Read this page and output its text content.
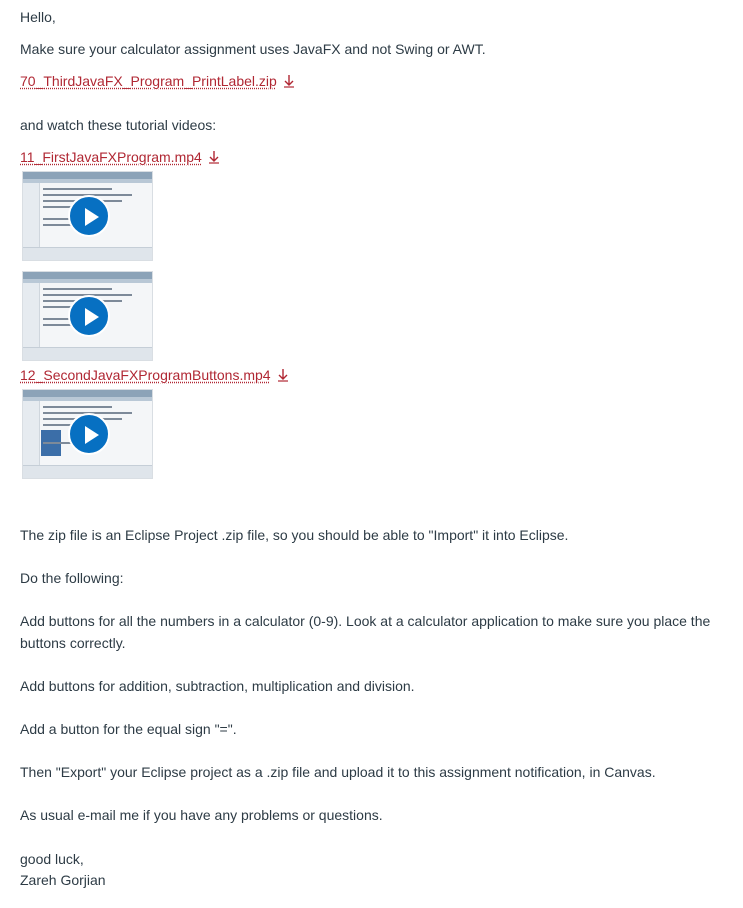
Hello,

Make sure your calculator assignment uses JavaFX and not Swing or AWT.

70_ThirdJavaFX_Program_PrintLabel.zip

and watch these tutorial videos:

11_FirstJavaFXProgram.mp4

12_SecondJavaFXProgramButtons.mp4

The zip file is an Eclipse Project .zip file, so you should be able to "Import" it into Eclipse.

Do the following:

Add buttons for all the numbers in a calculator (0-9). Look at a calculator application to make sure you place the buttons correctly.

Add buttons for addition, subtraction, multiplication and division.

Add a button for the equal sign "=".

Then "Export" your Eclipse project as a .zip file and upload it to this assignment notification, in Canvas.

As usual e-mail me if you have any problems or questions.

good luck,

Zareh Gorjian
